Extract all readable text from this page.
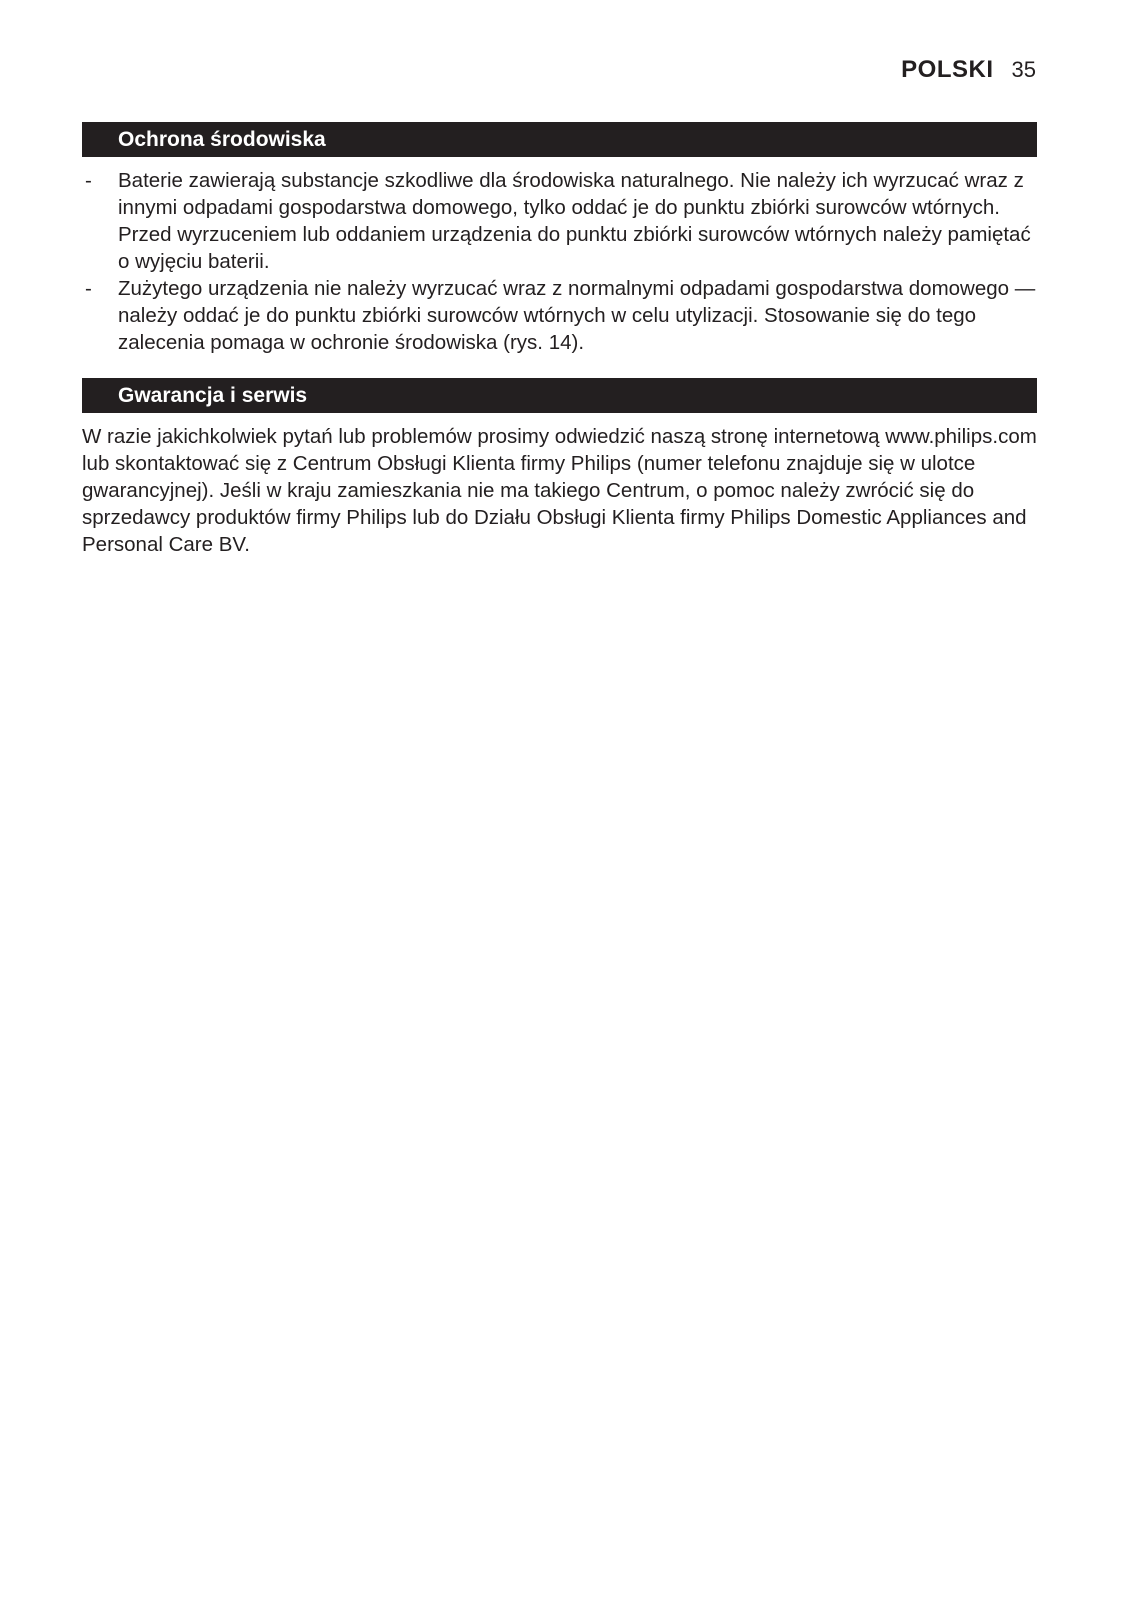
POLSKI 35
Ochrona środowiska
- Baterie zawierają substancje szkodliwe dla środowiska naturalnego. Nie należy ich wyrzucać wraz z innymi odpadami gospodarstwa domowego, tylko oddać je do punktu zbiórki surowców wtórnych. Przed wyrzuceniem lub oddaniem urządzenia do punktu zbiórki surowców wtórnych należy pamiętać o wyjęciu baterii.
- Zużytego urządzenia nie należy wyrzucać wraz z normalnymi odpadami gospodarstwa domowego — należy oddać je do punktu zbiórki surowców wtórnych w celu utylizacji. Stosowanie się do tego zalecenia pomaga w ochronie środowiska (rys. 14).
Gwarancja i serwis

W razie jakichkolwiek pytań lub problemów prosimy odwiedzić naszą stronę internetową www.philips.com lub skontaktować się z Centrum Obsługi Klienta firmy Philips (numer telefonu znajduje się w ulotce gwarancyjnej). Jeśli w kraju zamieszkania nie ma takiego Centrum, o pomoc należy zwrócić się do sprzedawcy produktów firmy Philips lub do Działu Obsługi Klienta firmy Philips Domestic Appliances and Personal Care BV.
